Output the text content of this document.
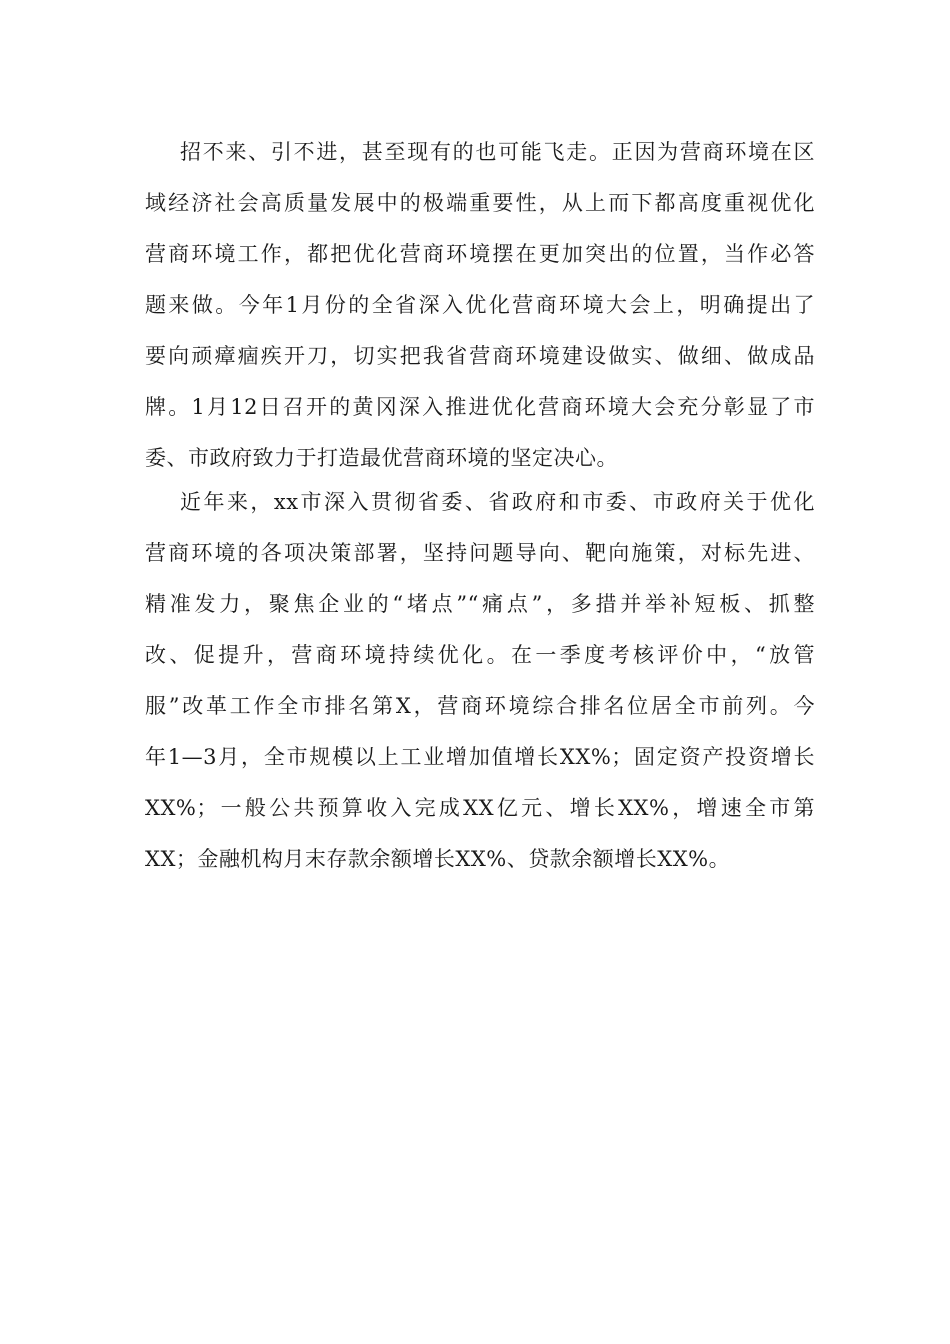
招不来、引不进，甚至现有的也可能飞走。正因为营商环境在区
域经济社会高质量发展中的极端重要性，从上而下都高度重视优化
营商环境工作，都把优化营商环境摆在更加突出的位置，当作必答
题来做。今年1月份的全省深入优化营商环境大会上，明确提出了
要向顽瘴痼疾开刀，切实把我省营商环境建设做实、做细、做成品
牌。1月12日召开的黄冈深入推进优化营商环境大会充分彰显了市
委、市政府致力于打造最优营商环境的坚定决心。
近年来，xx市深入贯彻省委、省政府和市委、市政府关于优化
营商环境的各项决策部署，坚持问题导向、靶向施策，对标先进、
精准发力，聚焦企业的“堵点”“痛点”，多措并举补短板、抓整
改、促提升，营商环境持续优化。在一季度考核评价中，“放管
服”改革工作全市排名第X，营商环境综合排名位居全市前列。今
年1—3月，全市规模以上工业增加值增长XX%；固定资产投资增长
XX%；一般公共预算收入完成XX亿元、增长XX%，增速全市第
XX；金融机构月末存款余额增长XX%、贷款余额增长XX%。
